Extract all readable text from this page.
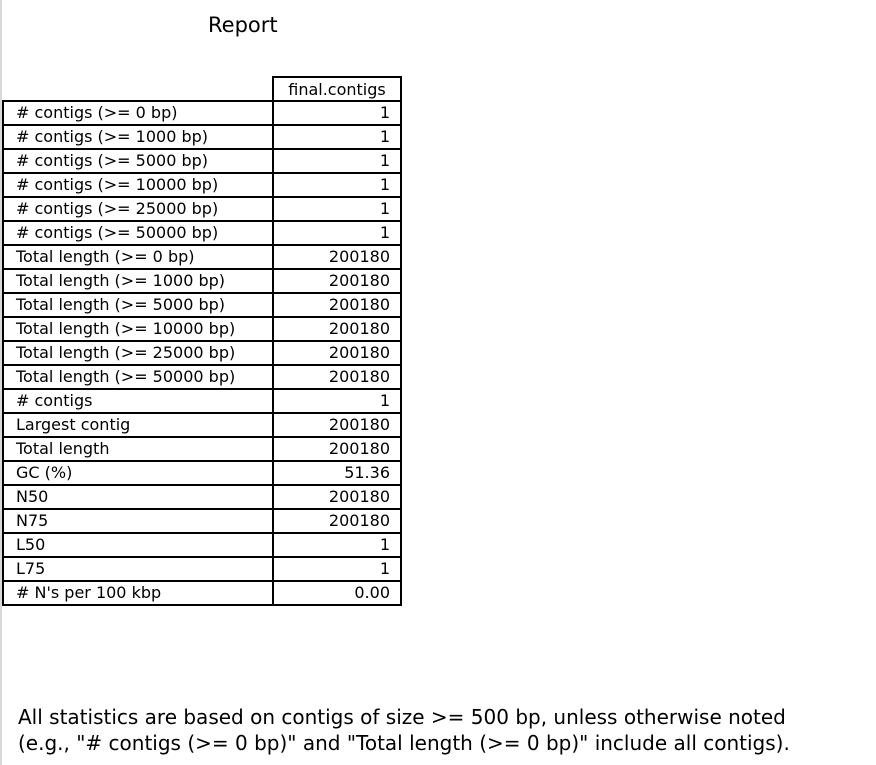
Report
	final.contigs
# contigs (>= 0 bp)	1
# contigs (>= 1000 bp)	1
# contigs (>= 5000 bp)	1
# contigs (>= 10000 bp)	1
# contigs (>= 25000 bp)	1
# contigs (>= 50000 bp)	1
Total length (>= 0 bp)	200180
Total length (>= 1000 bp)	200180
Total length (>= 5000 bp)	200180
Total length (>= 10000 bp)	200180
Total length (>= 25000 bp)	200180
Total length (>= 50000 bp)	200180
# contigs	1
Largest contig	200180
Total length	200180
GC (%)	51.36
N50	200180
N75	200180
L50	1
L75	1
# N's per 100 kbp	0.00
All statistics are based on contigs of size >= 500 bp, unless otherwise noted
(e.g., "# contigs (>= 0 bp)" and "Total length (>= 0 bp)" include all contigs).
